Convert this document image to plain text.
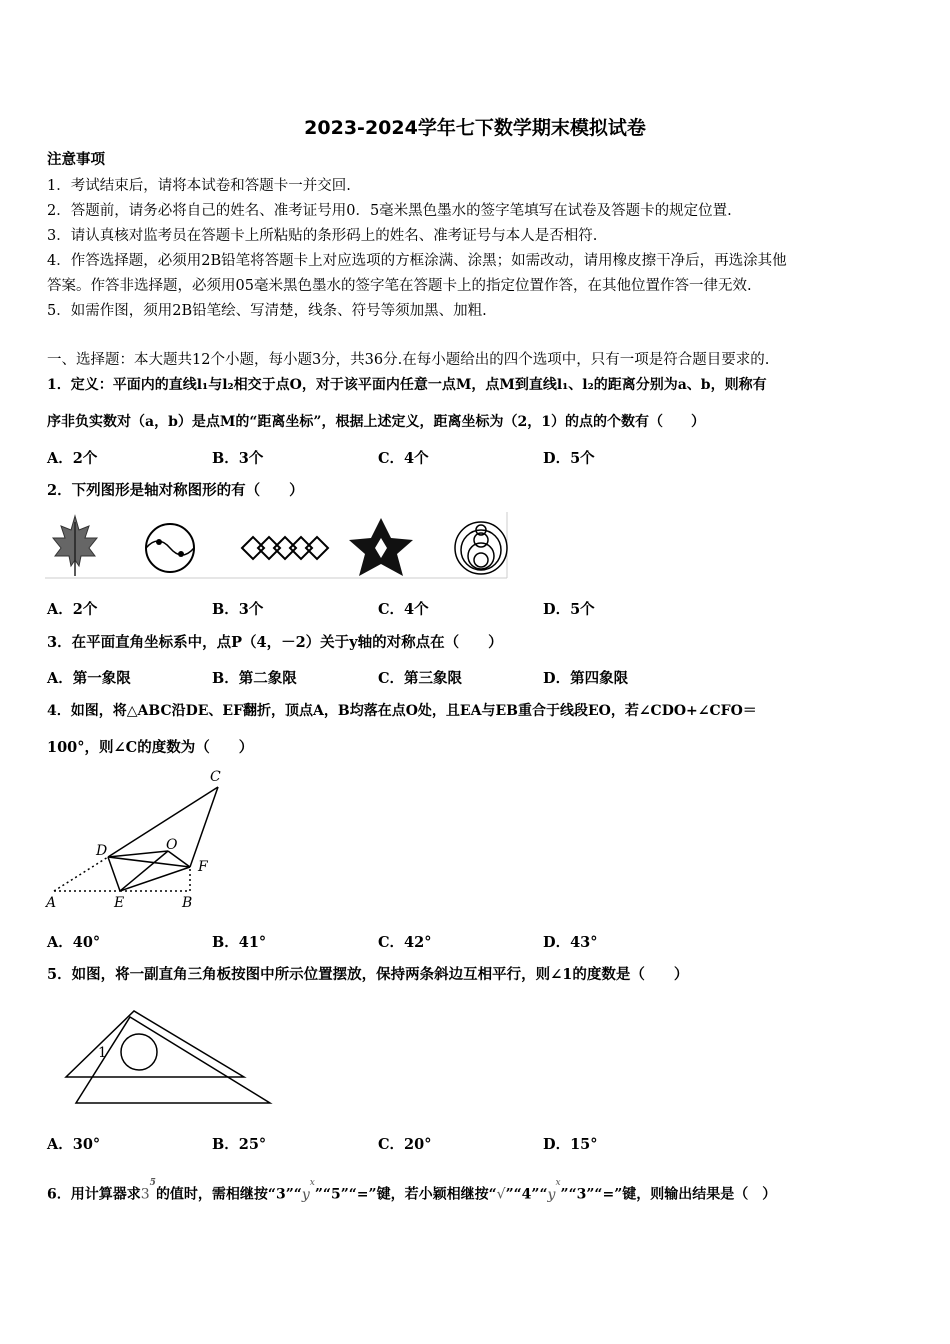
2023-2024学年七下数学期末模拟试卷
注意事项
1．考试结束后，请将本试卷和答题卡一并交回.
2．答题前，请务必将自己的姓名、准考证号用0．5毫米黑色墨水的签字笔填写在试卷及答题卡的规定位置.
3．请认真核对监考员在答题卡上所粘贴的条形码上的姓名、准考证号与本人是否相符.
4．作答选择题，必须用2B铅笔将答题卡上对应选项的方框涂满、涂黑；如需改动，请用橡皮擦干净后，再选涂其他
答案。作答非选择题，必须用05毫米黑色墨水的签字笔在答题卡上的指定位置作答，在其他位置作答一律无效.
5．如需作图，须用2B铅笔绘、写清楚，线条、符号等须加黑、加粗.
一、选择题：本大题共12个小题，每小题3分，共36分.在每小题给出的四个选项中，只有一项是符合题目要求的.
1．定义：平面内的直线l₁与l₂相交于点O，对于该平面内任意一点M，点M到直线l₁、l₂的距离分别为a、b，则称有
序非负实数对（a，b）是点M的“距离坐标”，根据上述定义，距离坐标为（2，1）的点的个数有（　　）
A．2个	B．3个	C．4个	D．5个
2．下列图形是轴对称图形的有（　　）
A．2个	B．3个	C．4个	D．5个
3．在平面直角坐标系中，点P（4，－2）关于y轴的对称点在（　　）
A．第一象限	B．第二象限	C．第三象限	D．第四象限
4．如图，将△ABC沿DE、EF翻折，顶点A，B均落在点O处，且EA与EB重合于线段EO，若∠CDO+∠CFO＝
100°，则∠C的度数为（　　）
C
D	O
F
A	E	B
A．40°	B．41°	C．42°	D．43°
5．如图，将一副直角三角板按图中所示位置摆放，保持两条斜边互相平行，则∠1的度数是（　　）
1
A．30°	B．25°	C．20°	D．15°
6．用计算器求$3^5$的值时，需相继按“$3”“y^x”“5”“=$”键，若小颖相继按“$√”“4”“y^x”“3”“=$”键，则输出结果是（　）
